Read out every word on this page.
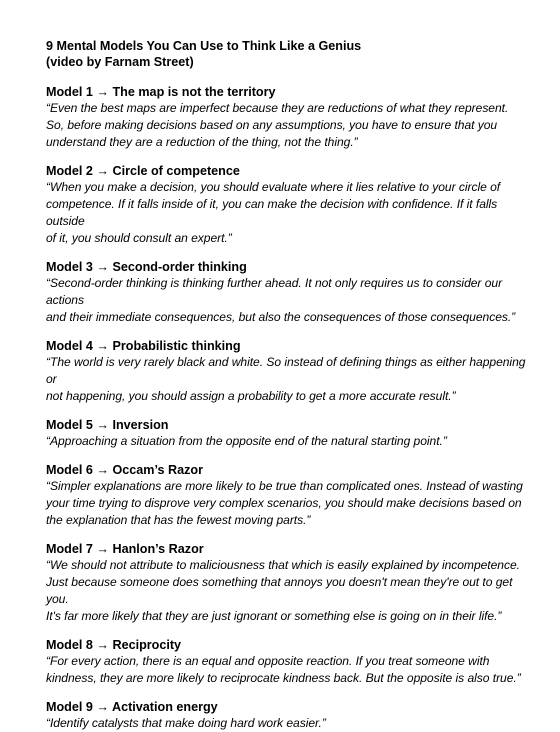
9 Mental Models You Can Use to Think Like a Genius
(video by Farnam Street)
Model 1 → The map is not the territory
“Even the best maps are imperfect because they are reductions of what they represent.
So, before making decisions based on any assumptions, you have to ensure that you
understand they are a reduction of the thing, not the thing.”
Model 2 → Circle of competence
“When you make a decision, you should evaluate where it lies relative to your circle of
competence. If it falls inside of it, you can make the decision with confidence. If it falls outside
of it, you should consult an expert.”
Model 3 → Second-order thinking
“Second-order thinking is thinking further ahead. It not only requires us to consider our actions
and their immediate consequences, but also the consequences of those consequences.”
Model 4 → Probabilistic thinking
“The world is very rarely black and white. So instead of defining things as either happening or
not happening, you should assign a probability to get a more accurate result.”
Model 5 → Inversion
“Approaching a situation from the opposite end of the natural starting point.”
Model 6 → Occam’s Razor
“Simpler explanations are more likely to be true than complicated ones. Instead of wasting
your time trying to disprove very complex scenarios, you should make decisions based on
the explanation that has the fewest moving parts.”
Model 7 → Hanlon’s Razor
“We should not attribute to maliciousness that which is easily explained by incompetence.
Just because someone does something that annoys you doesn't mean they're out to get you.
It's far more likely that they are just ignorant or something else is going on in their life.”
Model 8 → Reciprocity
“For every action, there is an equal and opposite reaction. If you treat someone with
kindness, they are more likely to reciprocate kindness back. But the opposite is also true.”
Model 9 → Activation energy
“Identify catalysts that make doing hard work easier.”
